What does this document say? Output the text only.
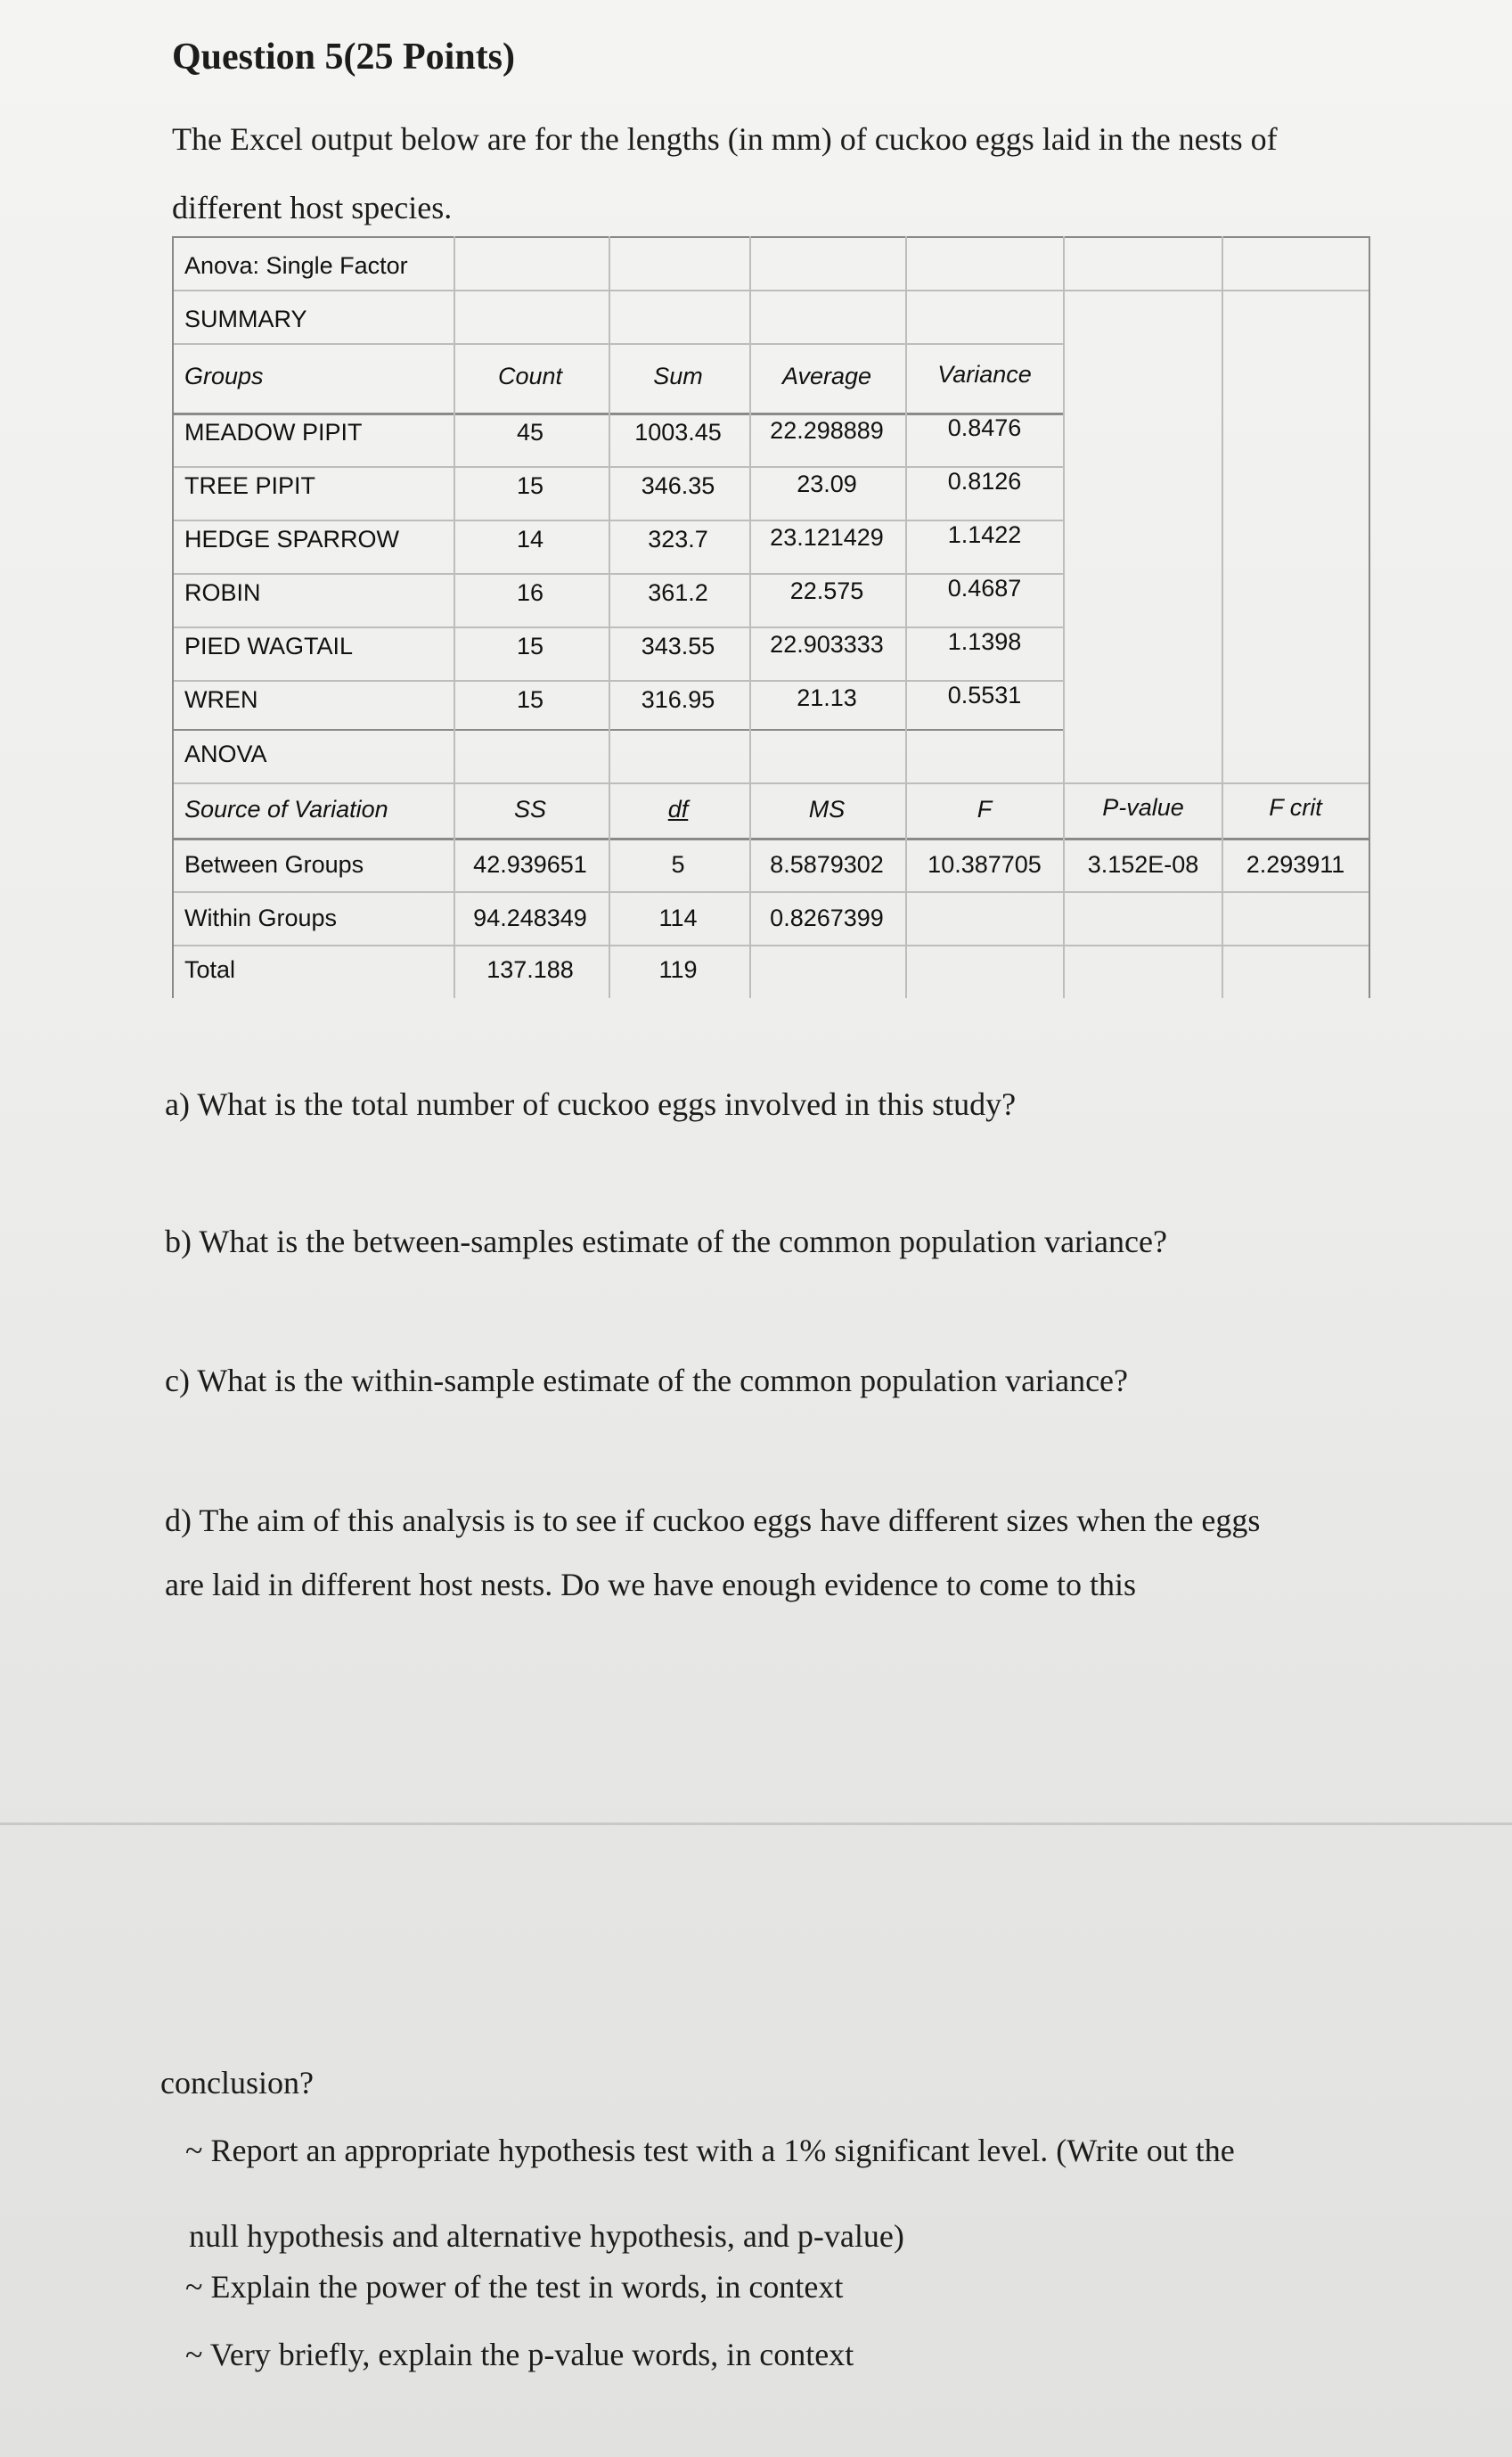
Question 5(25 Points)
The Excel output below are for the lengths (in mm) of cuckoo eggs laid in the nests of
different host species.
Anova: Single Factor
SUMMARY
Groups	Count	Sum	Average	Variance
MEADOW PIPIT	45	1003.45 22.298889	0.8476
TREE PIPIT	15	346.35	23.09	0.8126
HEDGE SPARROW	14	323.7	23.121429	1.1422
ROBIN	16	361.2	22.575	0.4687
PIED WAGTAIL	15	343.55 22.903333	1.1398
WREN	15	316.95	21.13	0.5531
ANOVA
Source of Variation	SS	df	MS	F	P-value	F crit
Between Groups	42.939651	5	8.5879302 10.387705 3.152E-08 2.293911
Within Groups	94.248349	114	0.8267399
Total	137.188	119
a) What is the total number of cuckoo eggs involved in this study?
b) What is the between-samples estimate of the common population variance?
c) What is the within-sample estimate of the common population variance?
d) The aim of this analysis is to see if cuckoo eggs have different sizes when the eggs
are laid in different host nests. Do we have enough evidence to come to this
conclusion?
~ Report an appropriate hypothesis test with a 1% significant level. (Write out the
null hypothesis and alternative hypothesis, and p-value)
~ Explain the power of the test in words, in context
~ Very briefly, explain the p-value words, in context
